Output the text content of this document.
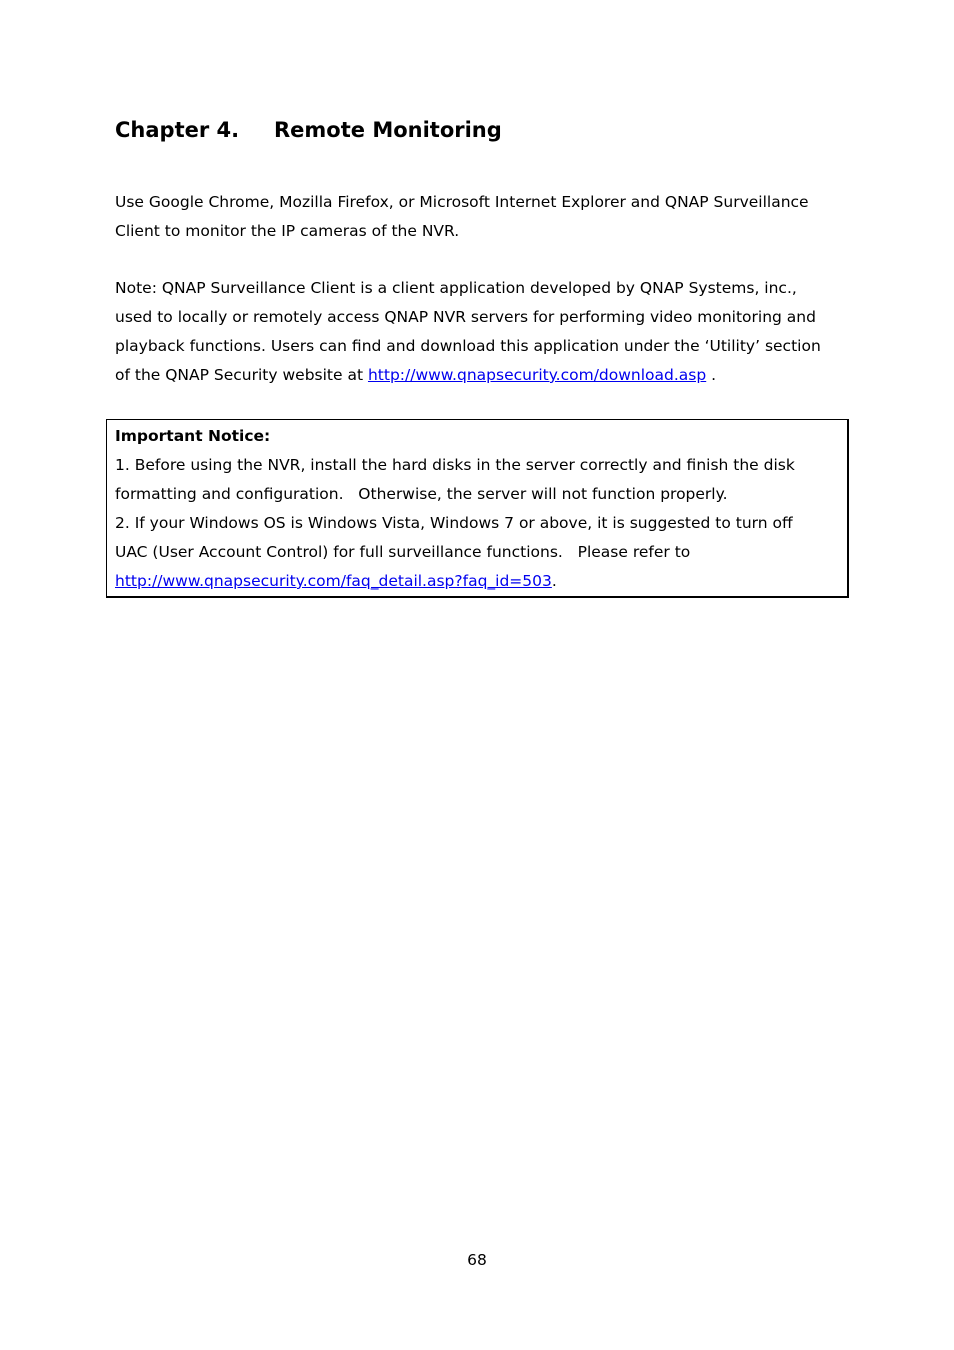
Chapter 4. Remote Monitoring

Use Google Chrome, Mozilla Firefox, or Microsoft Internet Explorer and QNAP Surveillance
Client to monitor the IP cameras of the NVR.

Note: QNAP Surveillance Client is a client application developed by QNAP Systems, inc.,
used to locally or remotely access QNAP NVR servers for performing video monitoring and
playback functions. Users can find and download this application under the ‘Utility’ section
of the QNAP Security website at http://www.qnapsecurity.com/download.asp .

Important Notice:
1. Before using the NVR, install the hard disks in the server correctly and finish the disk
formatting and configuration.   Otherwise, the server will not function properly.
2. If your Windows OS is Windows Vista, Windows 7 or above, it is suggested to turn off
UAC (User Account Control) for full surveillance functions.   Please refer to
http://www.qnapsecurity.com/faq_detail.asp?faq_id=503.
68
